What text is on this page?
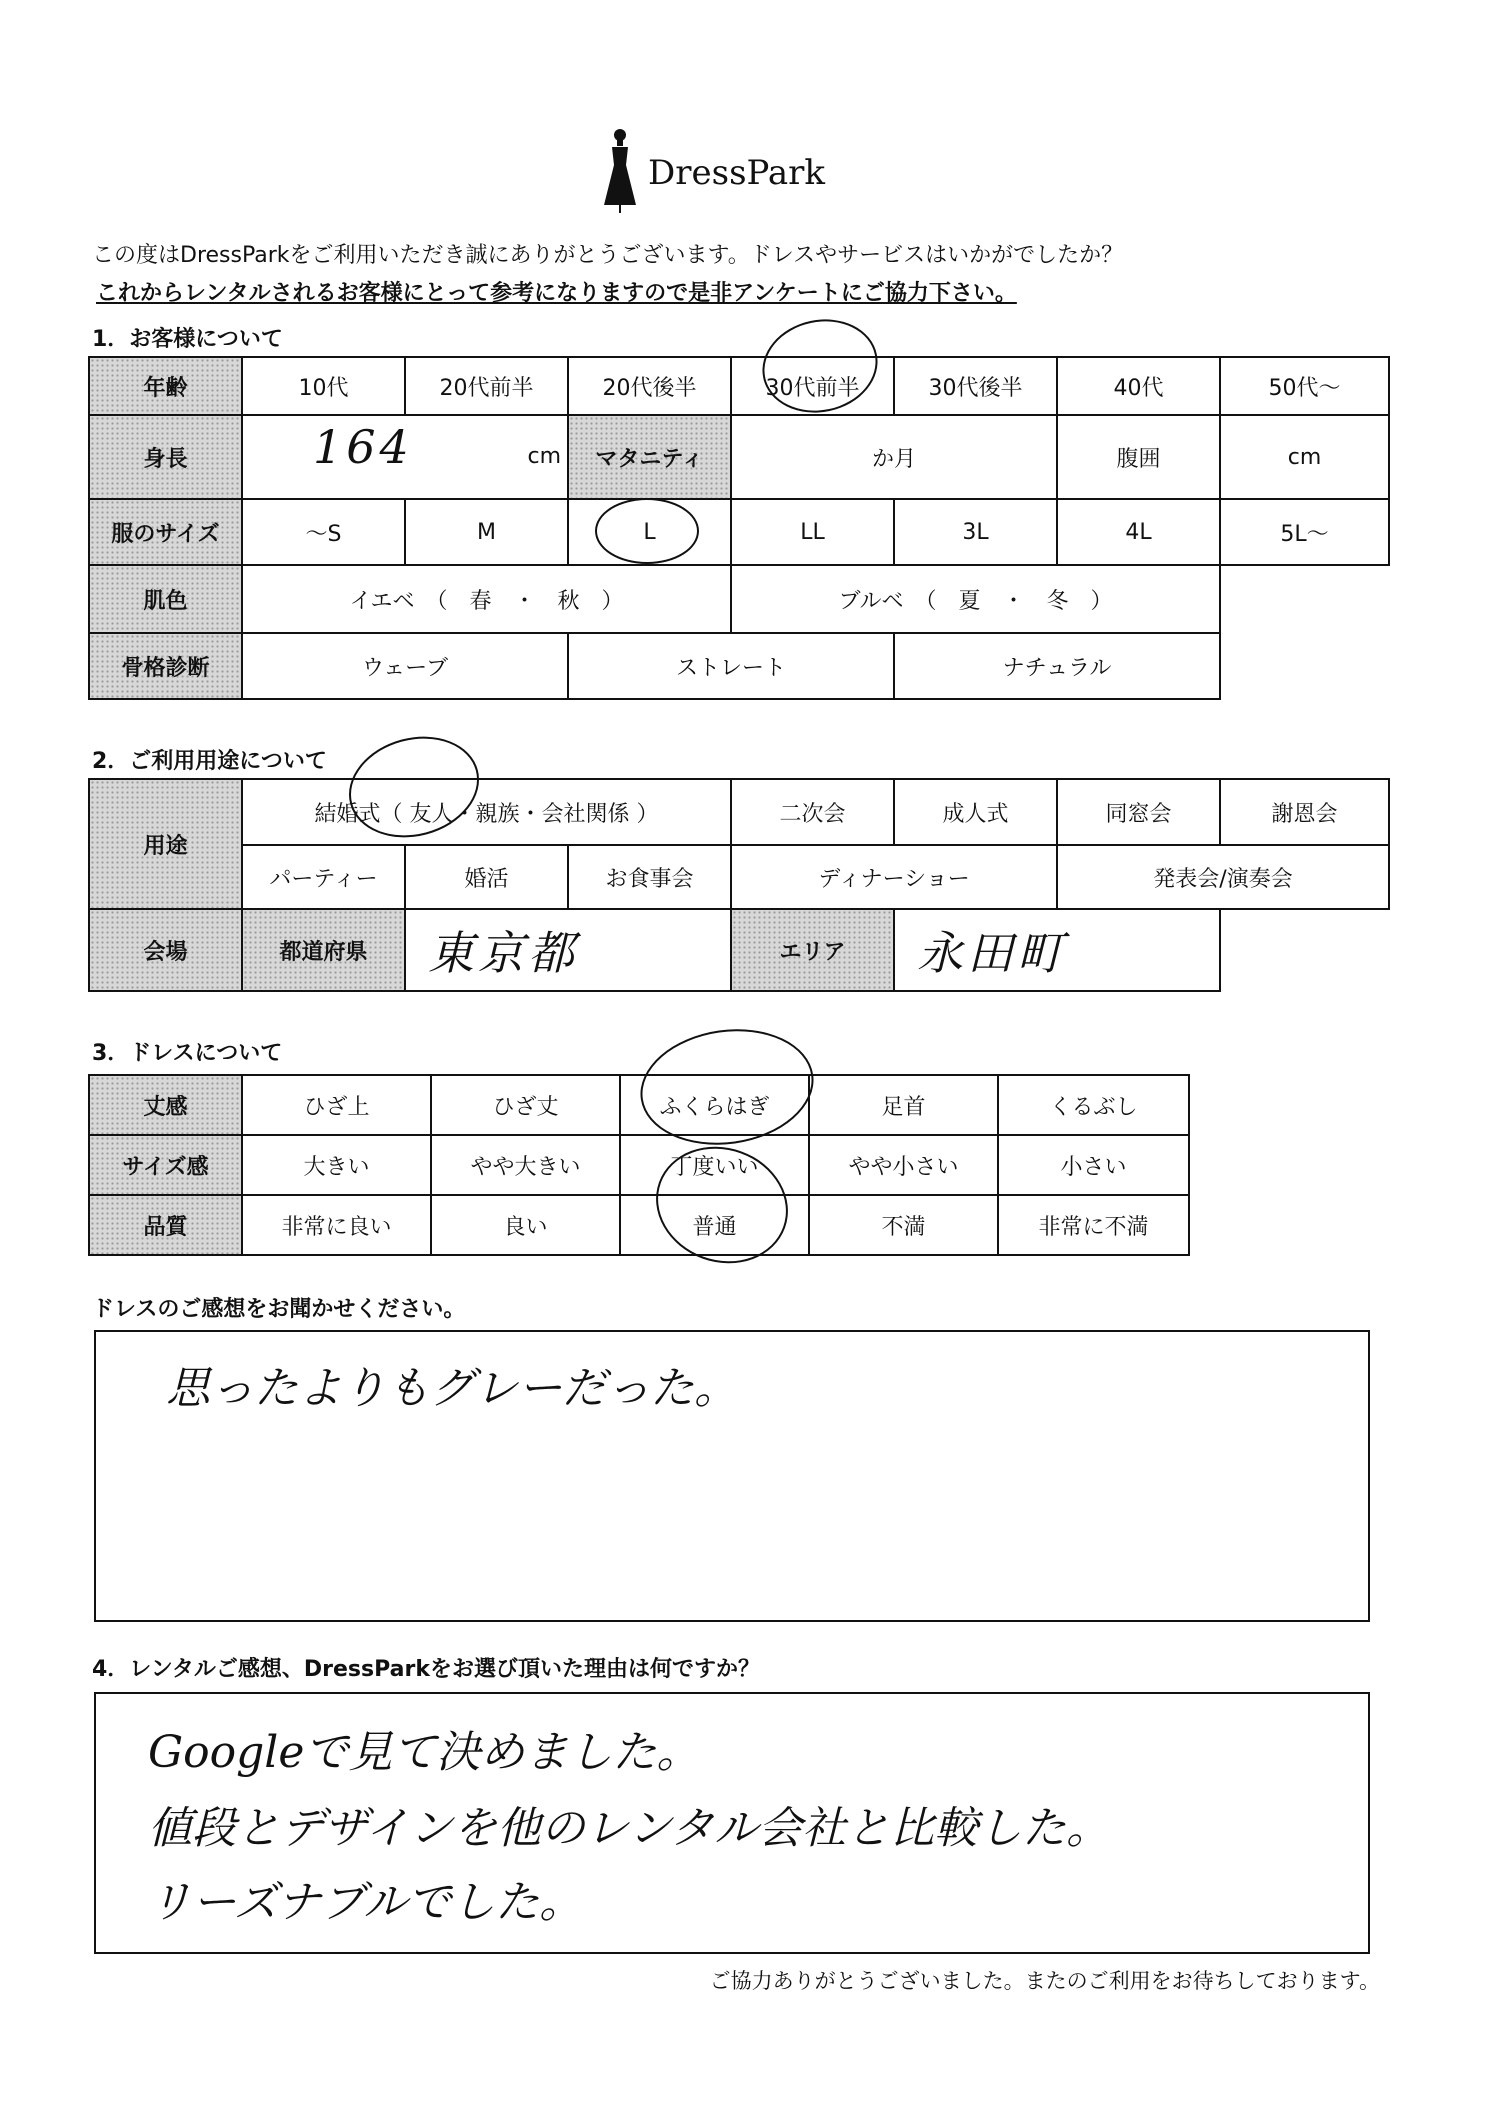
DressPark
この度はDressParkをご利用いただき誠にありがとうございます。ドレスやサービスはいかがでしたか？
これからレンタルされるお客様にとって参考になりますので是非アンケートにご協力下さい。
1．お客様について
年齢	10代	20代前半	20代後半	30代前半	30代後半	40代	50代～
身長	164 cm		マタニティ	か月		腹囲	cm
服のサイズ	～S	M	L	LL	3L	4L	5L～
肌色	イエベ　（　春　・　秋　）			ブルベ　（　夏　・　冬　）			
骨格診断	ウェーブ		ストレート		ナチュラル		
2．ご利用用途について
用途	結婚式（ 友人・親族・会社関係 ）			二次会	成人式	同窓会	謝恩会
	パーティー	婚活	お食事会	ディナーショー		発表会/演奏会	
会場	都道府県	東京都		エリア	永田町		
3．ドレスについて
丈感	ひざ上	ひざ丈	ふくらはぎ	足首	くるぶし
サイズ感	大きい	やや大きい	丁度いい	やや小さい	小さい
品質	非常に良い	良い	普通	不満	非常に不満
ドレスのご感想をお聞かせください。
思ったよりもグレーだった。
4．レンタルご感想、DressParkをお選び頂いた理由は何ですか？
Googleで見て決めました。
値段とデザインを他のレンタル会社と比較した。
リーズナブルでした。
ご協力ありがとうございました。またのご利用をお待ちしております。
